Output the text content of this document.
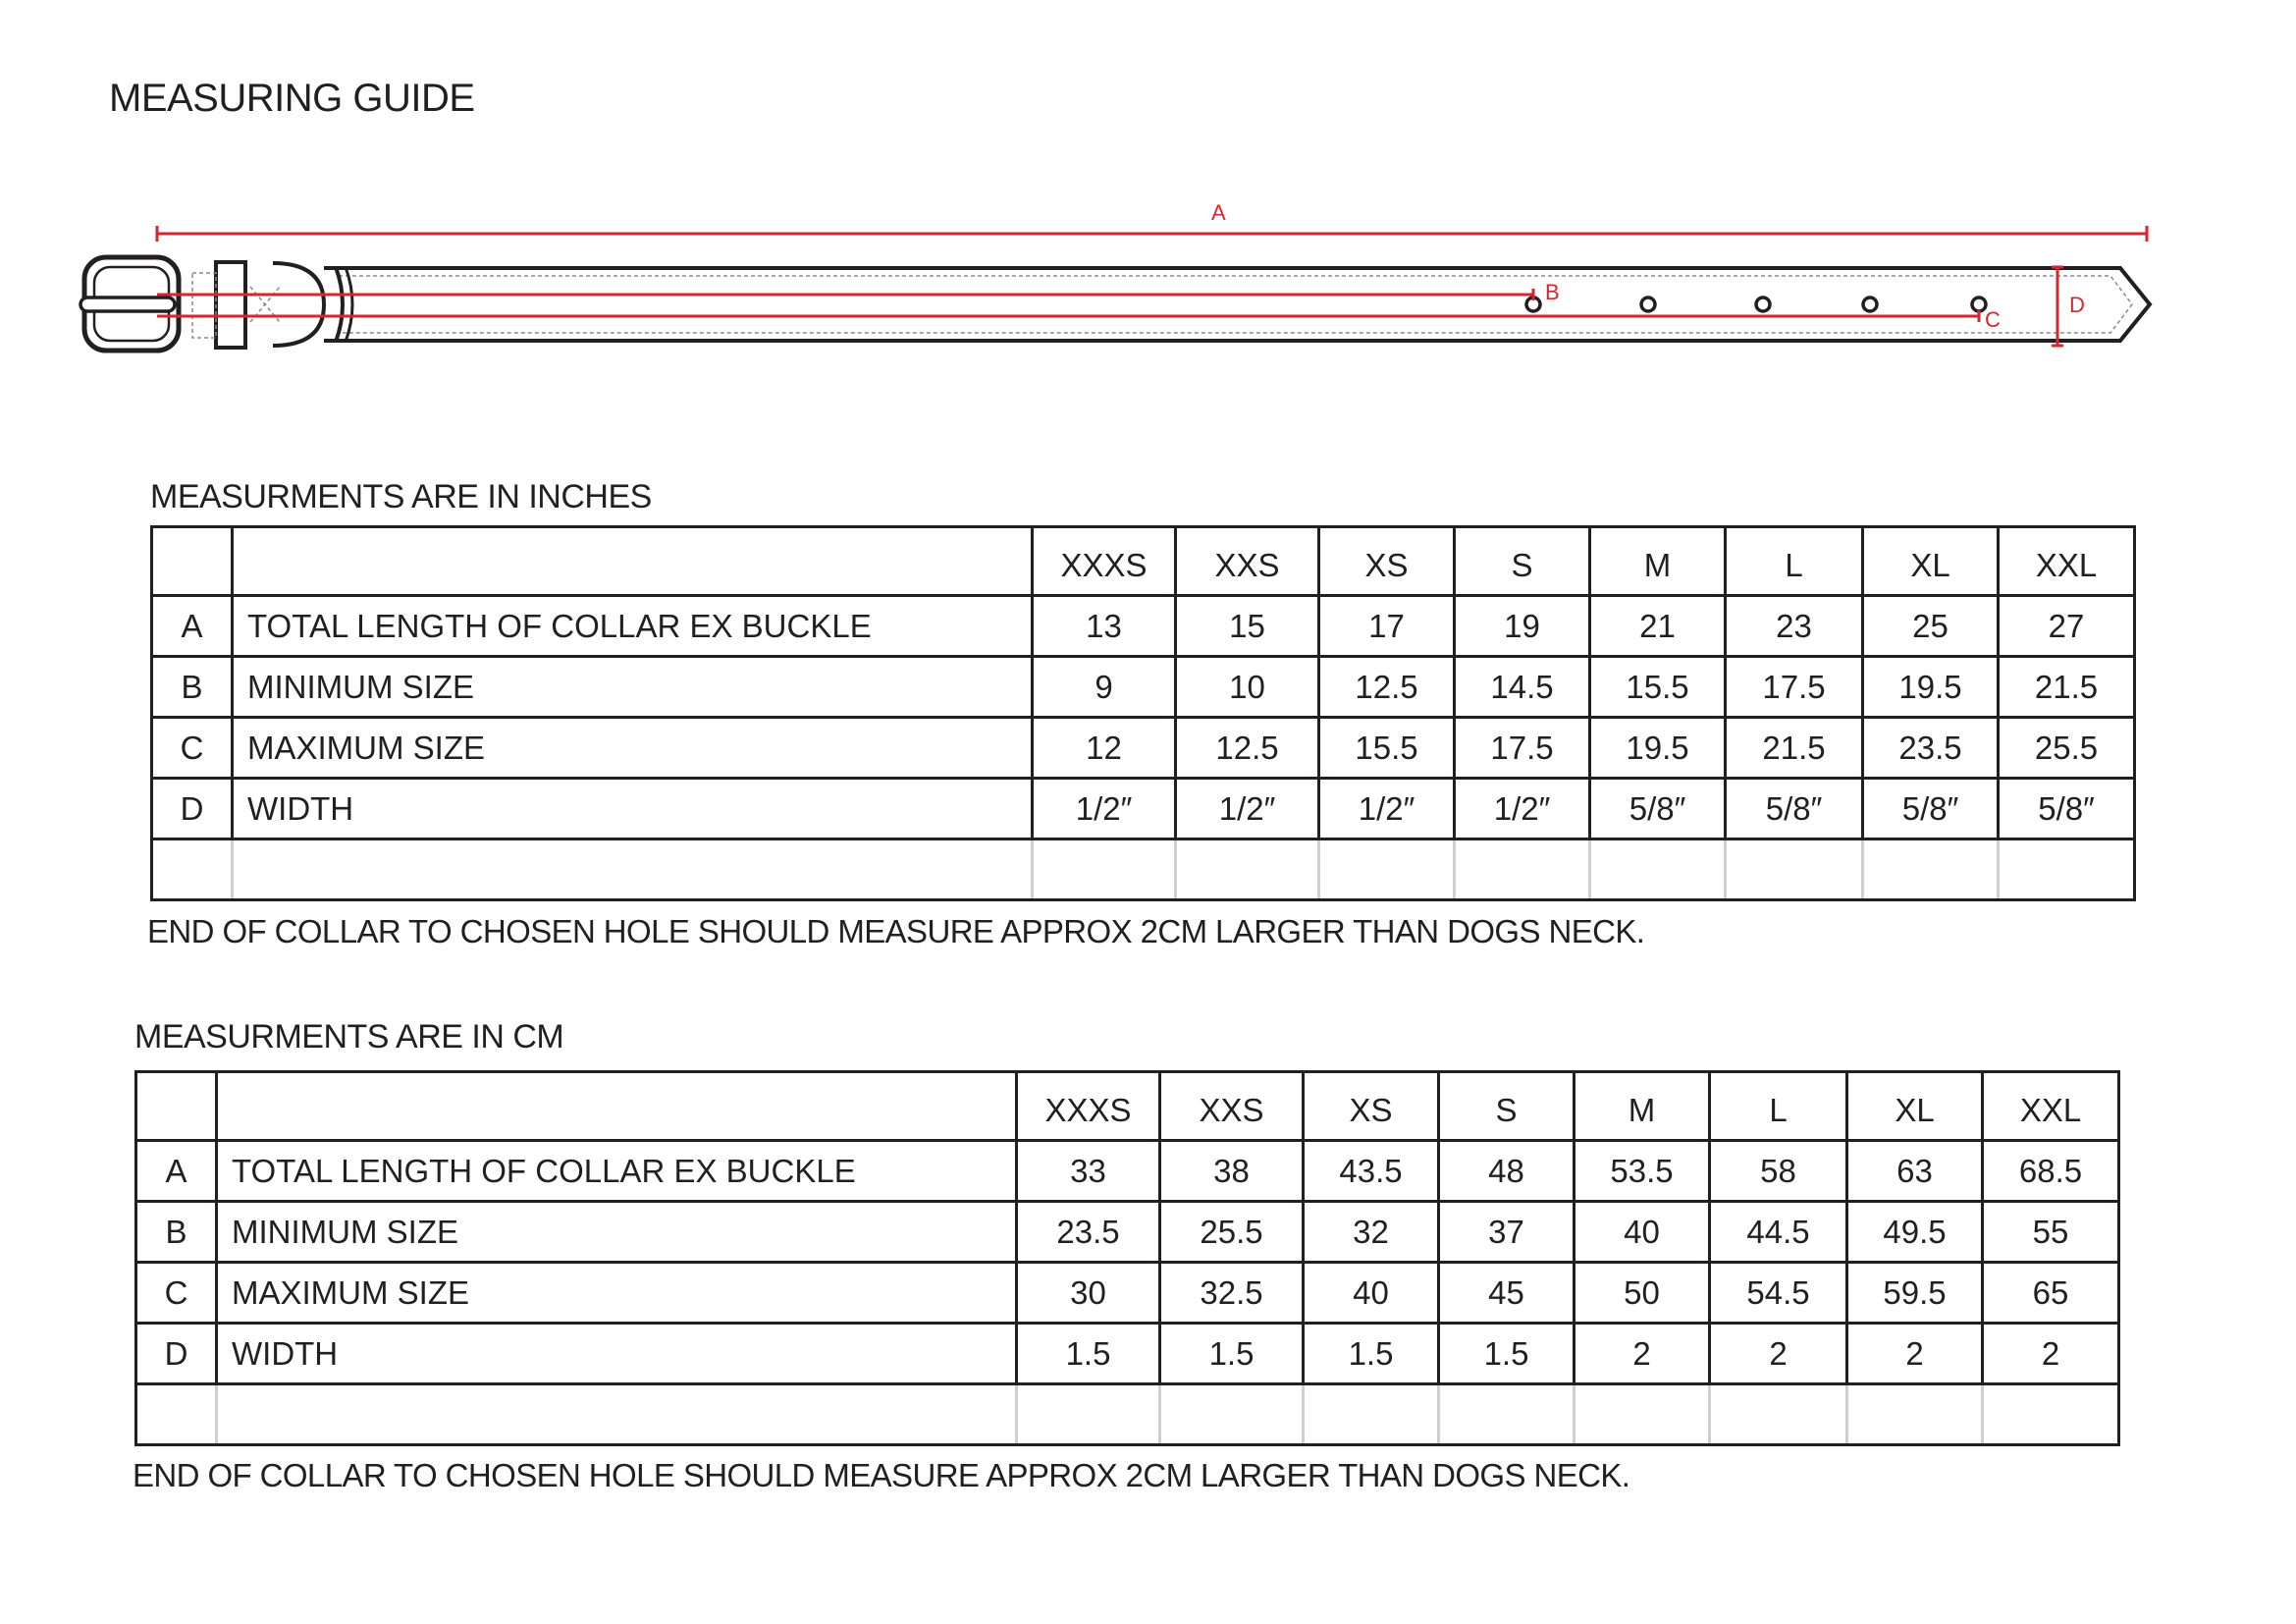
MEASURING GUIDE
A
B
C
D
MEASURMENTS ARE IN INCHES
		XXXS	XXS	XS	S	M	L	XL	XXL
A	TOTAL LENGTH OF COLLAR EX BUCKLE	13	15	17	19	21	23	25	27
B	MINIMUM SIZE	9	10	12.5	14.5	15.5	17.5	19.5	21.5
C	MAXIMUM SIZE	12	12.5	15.5	17.5	19.5	21.5	23.5	25.5
D	WIDTH	1/2″	1/2″	1/2″	1/2″	5/8″	5/8″	5/8″	5/8″

END OF COLLAR TO CHOSEN HOLE SHOULD MEASURE APPROX 2CM LARGER THAN DOGS NECK.
MEASURMENTS ARE IN CM
		XXXS	XXS	XS	S	M	L	XL	XXL
A	TOTAL LENGTH OF COLLAR EX BUCKLE	33	38	43.5	48	53.5	58	63	68.5
B	MINIMUM SIZE	23.5	25.5	32	37	40	44.5	49.5	55
C	MAXIMUM SIZE	30	32.5	40	45	50	54.5	59.5	65
D	WIDTH	1.5	1.5	1.5	1.5	2	2	2	2

END OF COLLAR TO CHOSEN HOLE SHOULD MEASURE APPROX 2CM LARGER THAN DOGS NECK.
